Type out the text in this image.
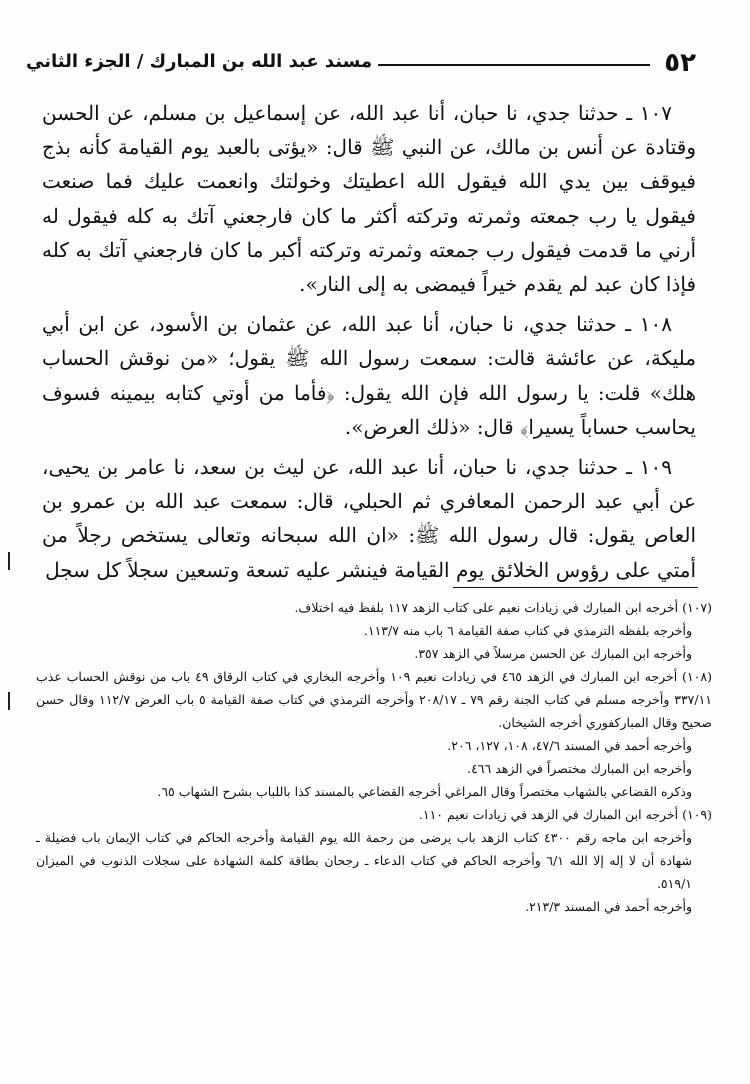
٥٢
مسند عبد الله بن المبارك / الجزء الثاني

١٠٧ ـ حدثنا جدي، نا حبان، أنا عبد الله، عن إسماعيل بن مسلم، عن الحسن وقتادة عن أنس بن مالك، عن النبي ﷺ قال: «يؤتى بالعبد يوم القيامة كأنه بذج فيوقف بين يدي الله فيقول الله اعطيتك وخولتك وانعمت عليك فما صنعت فيقول يا رب جمعته وثمرته وتركته أكثر ما كان فارجعني آتك به كله فيقول له أرني ما قدمت فيقول رب جمعته وثمرته وتركته أكبر ما كان فارجعني آتك به كله فإذا كان عبد لم يقدم خيراً فيمضى به إلى النار».

١٠٨ ـ حدثنا جدي، نا حبان، أنا عبد الله، عن عثمان بن الأسود، عن ابن أبي مليكة، عن عائشة قالت: سمعت رسول الله ﷺ يقول؛ «من نوقش الحساب هلك» قلت: يا رسول الله فإن الله يقول: ﴿فأما من أوتي كتابه بيمينه فسوف يحاسب حساباً يسيرا﴾ قال: «ذلك العرض».

١٠٩ ـ حدثنا جدي، نا حبان، أنا عبد الله، عن ليث بن سعد، نا عامر بن يحيى، عن أبي عبد الرحمن المعافري ثم الحبلي، قال: سمعت عبد الله بن عمرو بن العاص يقول: قال رسول الله ﷺ: «ان الله سبحانه وتعالى يستخص رجلاً من أمتي على رؤوس الخلائق يوم القيامة فينشر عليه تسعة وتسعين سجلاً كل سجل

(١٠٧) أخرجه ابن المبارك في زيادات نعيم على كتاب الزهد ١١٧ بلفظ فيه اختلاف.

وأخرجه بلفظه الترمذي في كتاب صفة القيامة ٦ باب منه ١١٣/٧.

وأخرجه ابن المبارك عن الحسن مرسلاً في الزهد ٣٥٧.

(١٠٨) أخرجه ابن المبارك في الزهد ٤٦٥ في زيادات نعيم ١٠٩ وأخرجه البخاري في كتاب الرقاق ٤٩ باب من نوقش الحساب عذب ٣٣٧/١١ وأخرجه مسلم في كتاب الجنة رقم ٧٩ ـ ٢٠٨/١٧ وأخرجه الترمذي في كتاب صفة القيامة ٥ باب العرض ١١٢/٧ وقال حسن صحيح وقال المباركفوري أخرجه الشيخان.

وأخرجه أحمد في المسند ٤٧/٦، ١٠٨، ١٢٧، ٢٠٦.

وأخرجه ابن المبارك مختصراً في الزهد ٤٦٦.

وذكره القضاعي بالشهاب مختصراً وقال المراغي أخرجه القضاعي بالمسند كذا باللباب بشرح الشهاب ٦٥.

(١٠٩) أخرجه ابن المبارك في الزهد في زيادات نعيم ١١٠.

وأخرجه ابن ماجه رقم ٤٣٠٠ كتاب الزهد باب يرضى من رحمة الله يوم القيامة وأخرجه الحاكم في كتاب الإيمان باب فضيلة ـ شهادة أن لا إله إلا الله ٦/١ وأخرجه الحاكم في كتاب الدعاء ـ رجحان بطاقة كلمة الشهادة على سجلات الذنوب في الميزان ٥١٩/١.

وأخرجه أحمد في المسند ٢١٣/٣.
